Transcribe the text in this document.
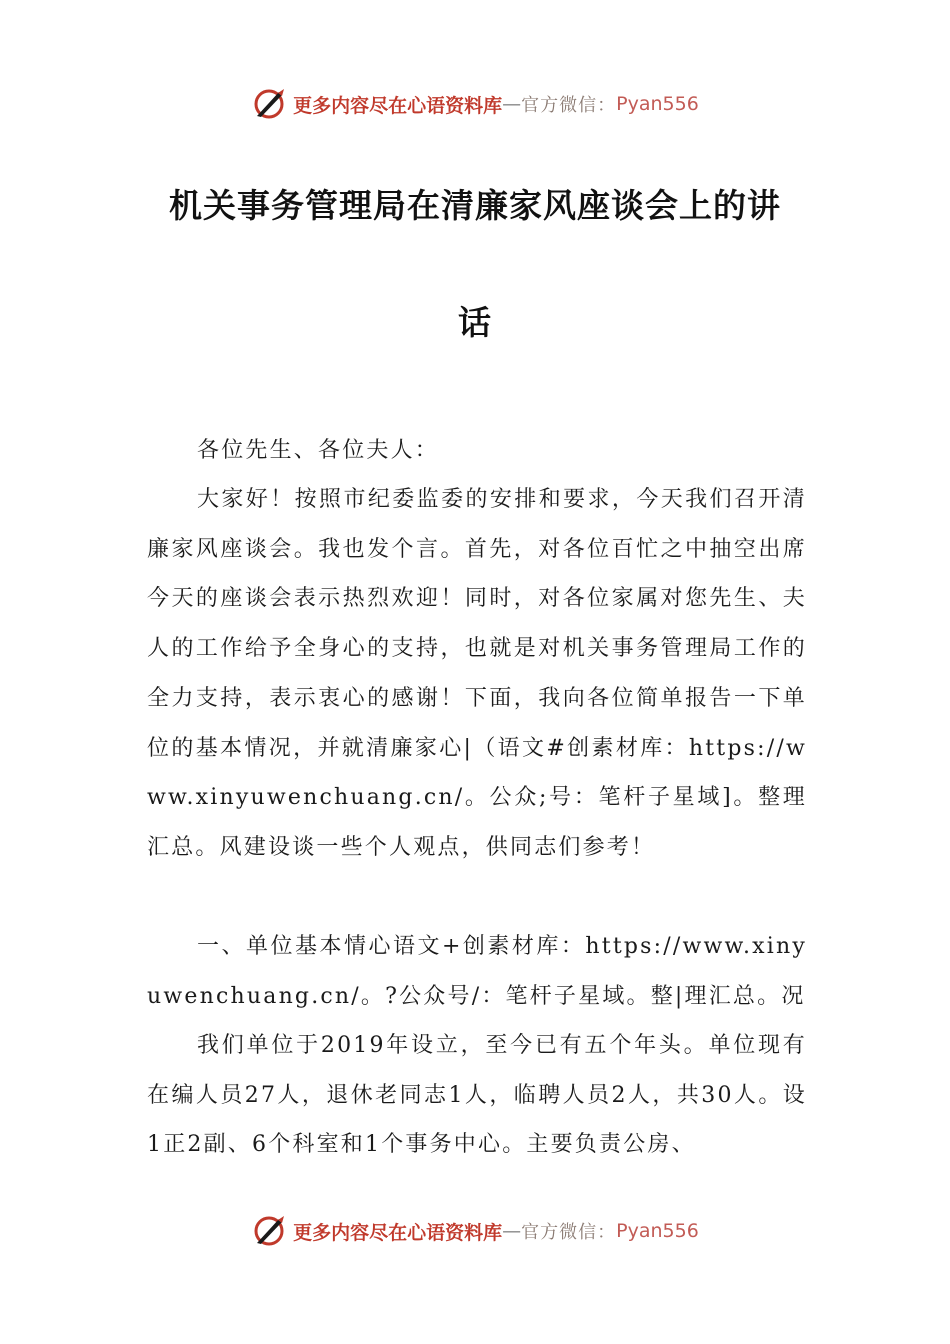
更多内容尽在心语资料库 — 官方微信： Pyan556
机关事务管理局在清廉家风座谈会上的讲
话
各位先生、各位夫人：
大家好！按照市纪委监委的安排和要求，今天我们召开清廉家风座谈会。我也发个言。首先，对各位百忙之中抽空出席今天的座谈会表示热烈欢迎！同时，对各位家属对您先生、夫人的工作给予全身心的支持，也就是对机关事务管理局工作的全力支持，表示衷心的感谢！下面，我向各位简单报告一下单位的基本情况，并就清廉家心|（语文#创素材库：https://www.xinyuwenchuang.cn/。公众;号：笔杆子星域]。整理汇总。风建设谈一些个人观点，供同志们参考！
一、单位基本情心语文+创素材库：https://www.xinyuwenchuang.cn/。?公众号/：笔杆子星域。整|理汇总。况
我们单位于2019年设立，至今已有五个年头。单位现有在编人员27人，退休老同志1人，临聘人员2人，共30人。设1正2副、6个科室和1个事务中心。主要负责公房、
更多内容尽在心语资料库 — 官方微信： Pyan556
